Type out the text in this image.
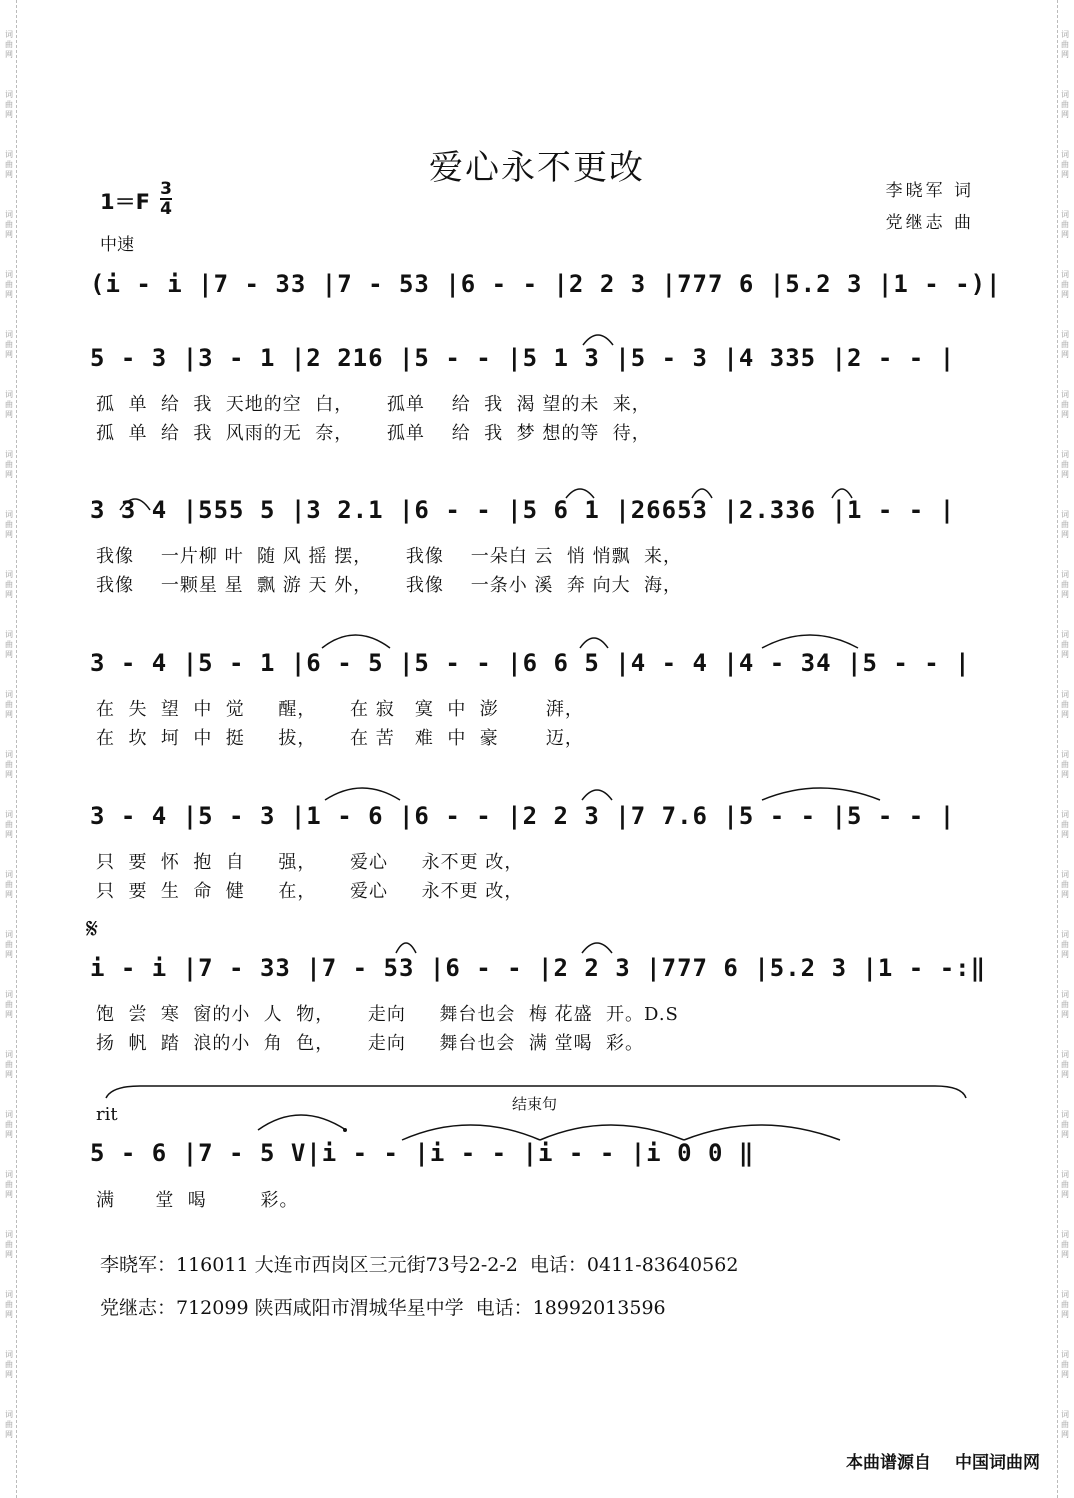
词曲网
词曲网
词曲网
词曲网
词曲网
词曲网
词曲网
词曲网
词曲网
词曲网
词曲网
词曲网
词曲网
词曲网
词曲网
词曲网
词曲网
词曲网
词曲网
词曲网
词曲网
词曲网
词曲网
词曲网
词曲网
词曲网
词曲网
词曲网
词曲网
词曲网
词曲网
词曲网
词曲网
词曲网
词曲网
词曲网
词曲网
词曲网
词曲网
词曲网
词曲网
词曲网
词曲网
词曲网
词曲网
词曲网
词曲网
词曲网
爱心永不更改
李晓军 词
党继志 曲
1＝F
3
4
中速
(i - i |7 - 33 |7 - 53 |6 - - |2 2 3 |777 6 |5.2 3 |1 - -)|
5 - 3 |3 - 1 |2 216 |5 - - |5 1 3 |5 - 3 |4 335 |2 - - |
孤  单  给  我  天地的空  白，     孤单    给  我  渴 望的未  来，
孤  单  给  我  风雨的无  奈，     孤单    给  我  梦 想的等  待，
3 3 4 |555 5 |3 2.1 |6 - - |5 6 1 |26653 |2.336 |1 - - |
我像    一片柳 叶  随 风 摇 摆，     我像    一朵白 云  悄 悄飘  来，
我像    一颗星 星  飘 游 天 外，     我像    一条小 溪  奔 向大  海，
3 - 4 |5 - 1 |6 - 5 |5 - - |6 6 5 |4 - 4 |4 - 34 |5 - - |
在  失  望  中  觉     醒，     在 寂   寞  中  澎       湃，
在  坎  坷  中  挺     拔，     在 苦   难  中  豪       迈，
3 - 4 |5 - 3 |1 - 6 |6 - - |2 2 3 |7 7.6 |5 - - |5 - - |
只  要  怀  抱  自     强，     爱心     永不更 改，
只  要  生  命  健     在，     爱心     永不更 改，
𝄋
i - i |7 - 33 |7 - 53 |6 - - |2 2 3 |777 6 |5.2 3 |1 - -:‖
饱  尝  寒  窗的小  人  物，     走向     舞台也会  梅 花盛  开。D.S
扬  帆  踏  浪的小  角  色，     走向     舞台也会  满 堂喝  彩。
结束句
rit
5 - 6 |7 - 5 V|i - - |i - - |i - - |i 0 0 ‖
满      堂  喝        彩。
李晓军：116011 大连市西岗区三元街73号2-2-2  电话：0411-83640562
党继志：712099 陕西咸阳市渭城华星中学  电话：18992013596
本曲谱源自 中国词曲网
